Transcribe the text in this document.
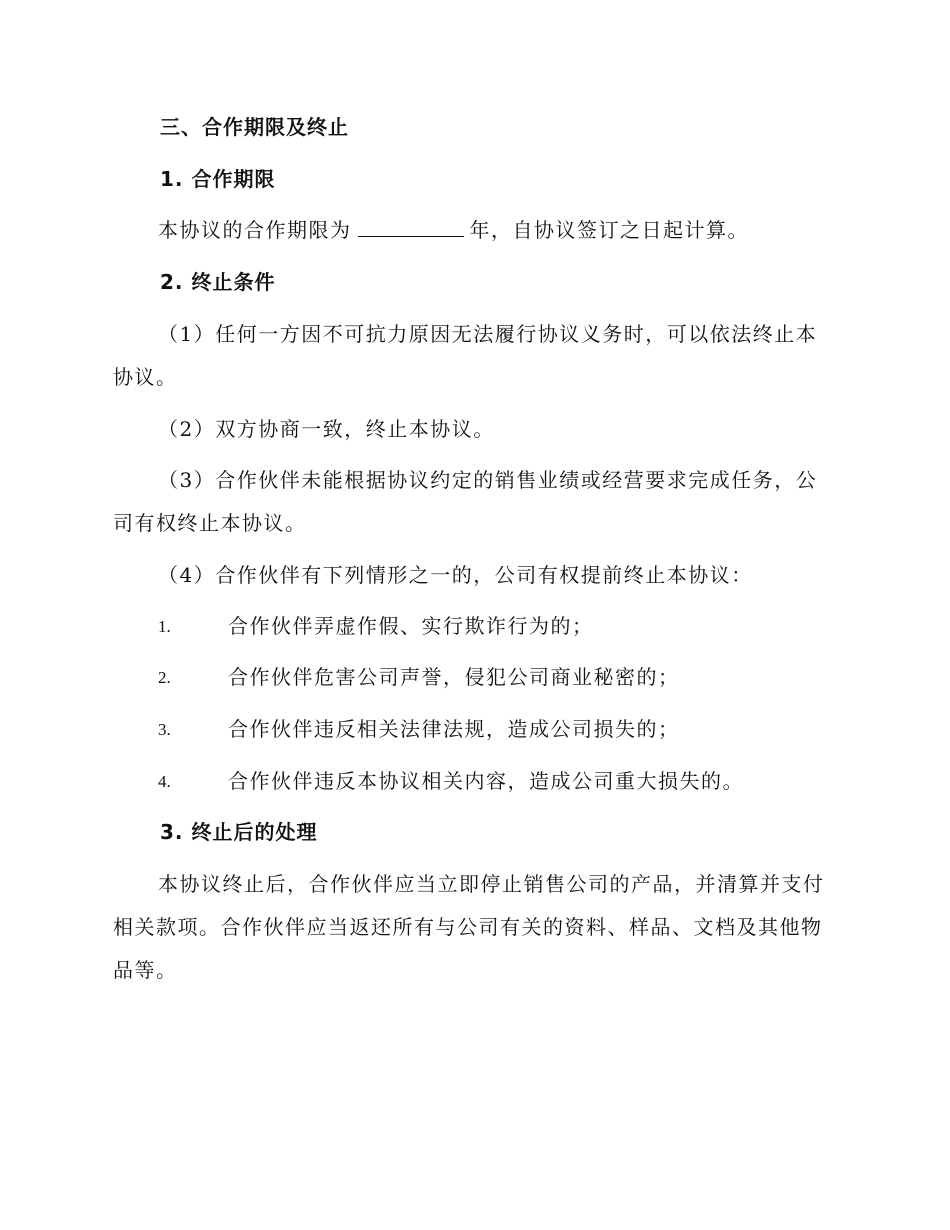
三、合作期限及终止
1. 合作期限
本协议的合作期限为	年，自协议签订之日起计算。
2. 终止条件
（1）任何一方因不可抗力原因无法履行协议义务时，可以依法终止本
协议。
（2）双方协商一致，终止本协议。
（3）合作伙伴未能根据协议约定的销售业绩或经营要求完成任务，公
司有权终止本协议。
（4）合作伙伴有下列情形之一的，公司有权提前终止本协议：
1.	合作伙伴弄虚作假、实行欺诈行为的；
2.	合作伙伴危害公司声誉，侵犯公司商业秘密的；
3.	合作伙伴违反相关法律法规，造成公司损失的；
4.	合作伙伴违反本协议相关内容，造成公司重大损失的。
3. 终止后的处理
本协议终止后，合作伙伴应当立即停止销售公司的产品，并清算并支付
相关款项。合作伙伴应当返还所有与公司有关的资料、样品、文档及其他物
品等。
